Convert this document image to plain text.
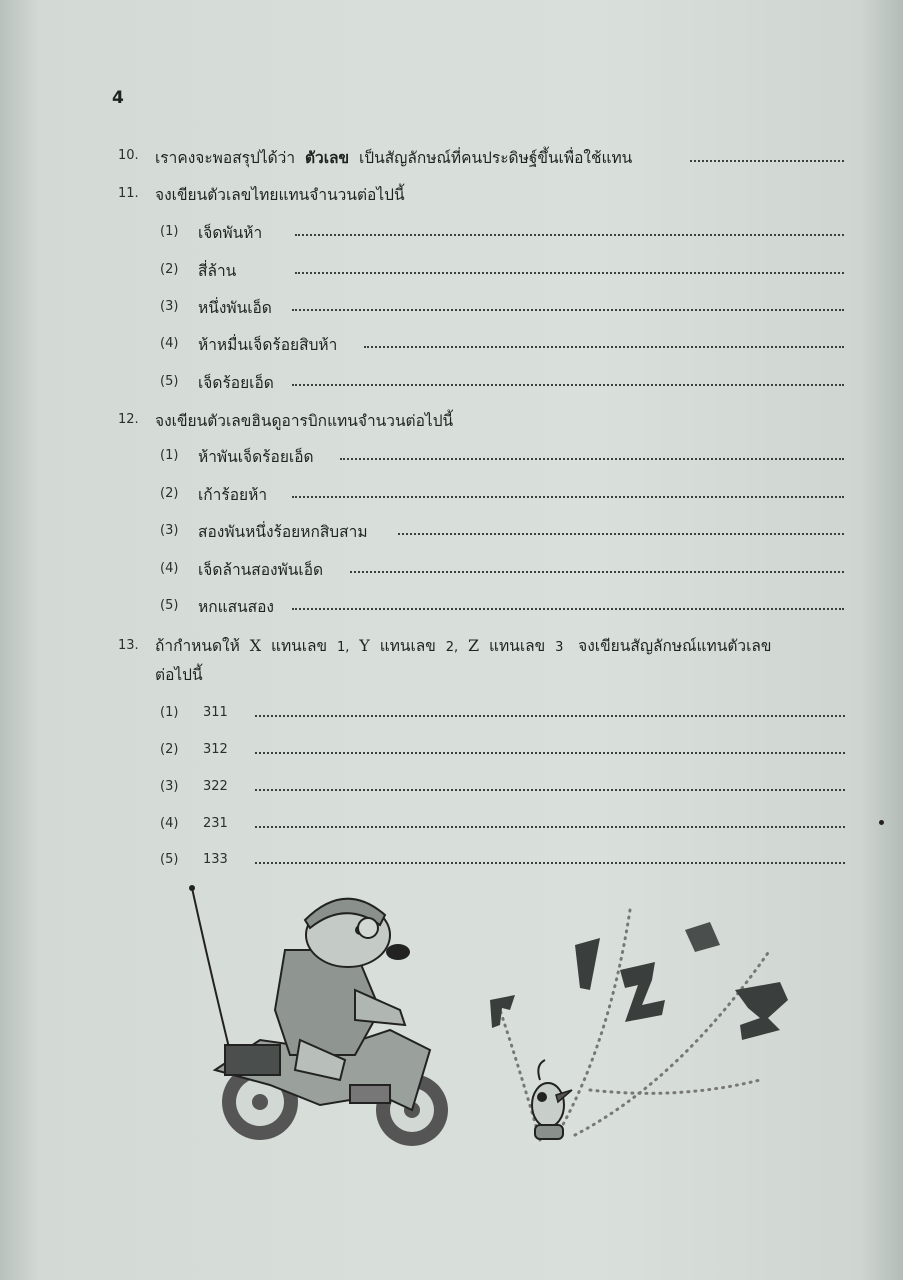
4
10. เราคงจะพอสรุปได้ว่า ตัวเลข เป็นสัญลักษณ์ที่คนประดิษฐ์ขึ้นเพื่อใช้แทน
11. จงเขียนตัวเลขไทยแทนจำนวนต่อไปนี้
(1) เจ็ดพันห้า
(2) สี่ล้าน
(3) หนึ่งพันเอ็ด
(4) ห้าหมื่นเจ็ดร้อยสิบห้า
(5) เจ็ดร้อยเอ็ด
12. จงเขียนตัวเลขฮินดูอารบิกแทนจำนวนต่อไปนี้
(1) ห้าพันเจ็ดร้อยเอ็ด
(2) เก้าร้อยห้า
(3) สองพันหนึ่งร้อยหกสิบสาม
(4) เจ็ดล้านสองพันเอ็ด
(5) หกแสนสอง
13. ถ้ากำหนดให้ X แทนเลข 1, Y แทนเลข 2, Z แทนเลข 3 จงเขียนสัญลักษณ์แทนตัวเลข
ต่อไปนี้
(1) 311
(2) 312
(3) 322
(4) 231
(5) 133
